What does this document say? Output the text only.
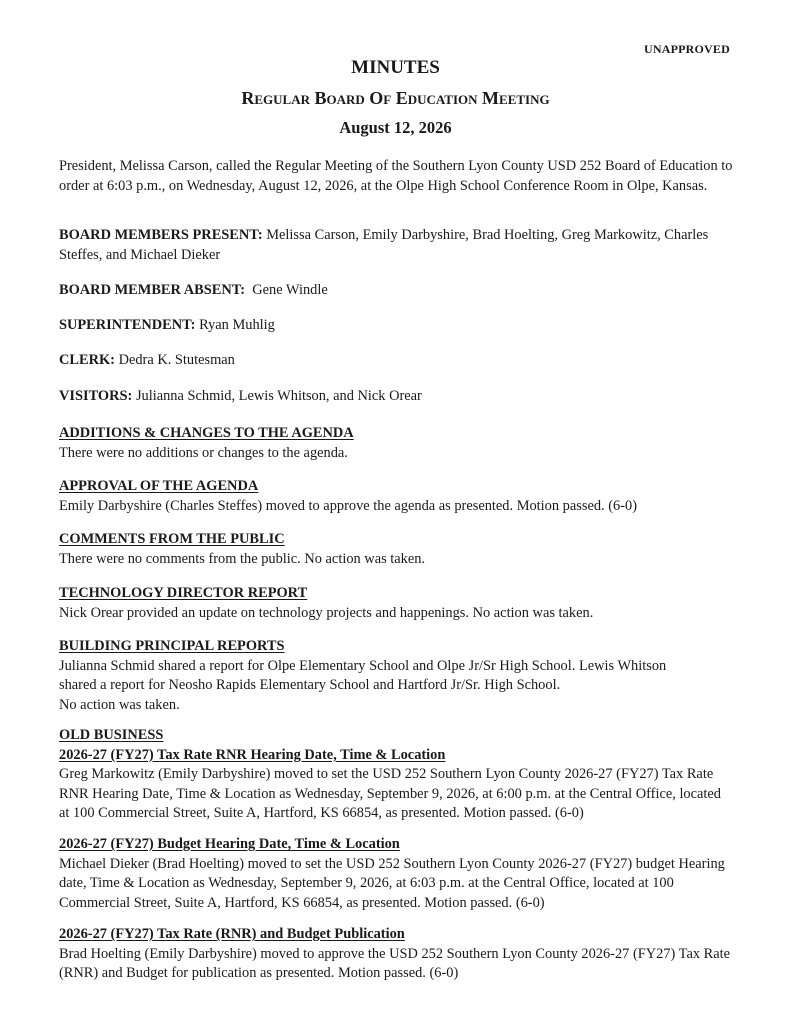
UNAPPROVED
MINUTES
Regular Board Of Education Meeting
August 12, 2026

President, Melissa Carson, called the Regular Meeting of the Southern Lyon County USD 252 Board of Education to order at 6:03 p.m., on Wednesday, August 12, 2026, at the Olpe High School Conference Room in Olpe, Kansas.

BOARD MEMBERS PRESENT: Melissa Carson, Emily Darbyshire, Brad Hoelting, Greg Markowitz, Charles Steffes, and Michael Dieker

BOARD MEMBER ABSENT: Gene Windle

SUPERINTENDENT: Ryan Muhlig

CLERK: Dedra K. Stutesman

VISITORS: Julianna Schmid, Lewis Whitson, and Nick Orear

ADDITIONS & CHANGES TO THE AGENDA

There were no additions or changes to the agenda.

APPROVAL OF THE AGENDA

Emily Darbyshire (Charles Steffes) moved to approve the agenda as presented. Motion passed. (6-0)

COMMENTS FROM THE PUBLIC

There were no comments from the public. No action was taken.

TECHNOLOGY DIRECTOR REPORT

Nick Orear provided an update on technology projects and happenings. No action was taken.

BUILDING PRINCIPAL REPORTS

Julianna Schmid shared a report for Olpe Elementary School and Olpe Jr/Sr High School. Lewis Whitson

shared a report for Neosho Rapids Elementary School and Hartford Jr/Sr. High School.

No action was taken.

OLD BUSINESS

2026-27 (FY27) Tax Rate RNR Hearing Date, Time & Location

Greg Markowitz (Emily Darbyshire) moved to set the USD 252 Southern Lyon County 2026-27 (FY27) Tax Rate RNR Hearing Date, Time & Location as Wednesday, September 9, 2026, at 6:00 p.m. at the Central Office, located at 100 Commercial Street, Suite A, Hartford, KS 66854, as presented. Motion passed. (6-0)

2026-27 (FY27) Budget Hearing Date, Time & Location

Michael Dieker (Brad Hoelting) moved to set the USD 252 Southern Lyon County 2026-27 (FY27) budget Hearing date, Time & Location as Wednesday, September 9, 2026, at 6:03 p.m. at the Central Office, located at 100 Commercial Street, Suite A, Hartford, KS 66854, as presented. Motion passed. (6-0)

2026-27 (FY27) Tax Rate (RNR) and Budget Publication

Brad Hoelting (Emily Darbyshire) moved to approve the USD 252 Southern Lyon County 2026-27 (FY27) Tax Rate (RNR) and Budget for publication as presented. Motion passed. (6-0)
